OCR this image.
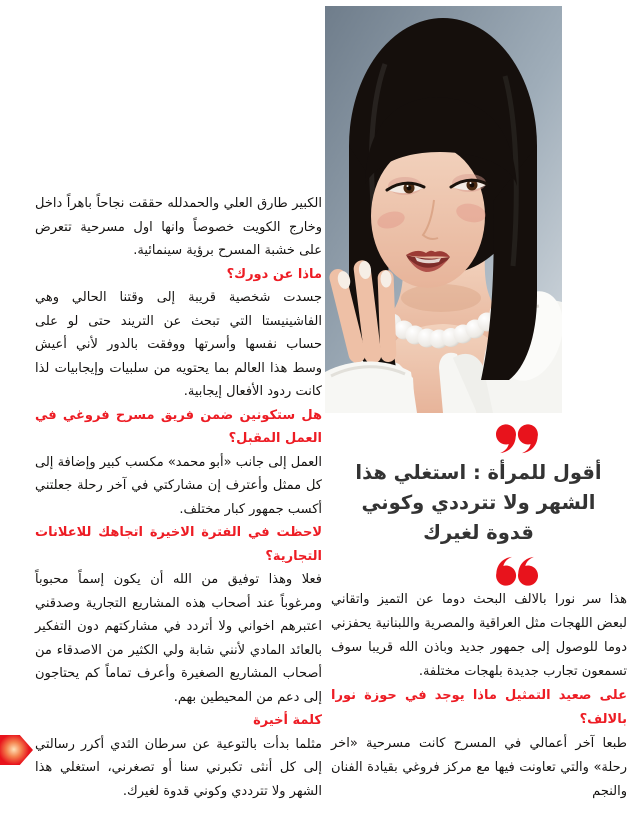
الكبير طارق العلي والحمدلله حققت نجاحاً باهراً داخل وخارج الكويت خصوصاً وانها اول مسرحية تتعرض على خشبة المسرح برؤية سينمائية.

ماذا عن دورك؟

جسدت شخصية قريبة إلى وقتنا الحالي وهي الفاشينيستا التي تبحث عن التريند حتى لو على حساب نفسها وأسرتها ووفقت بالدور لأني أعيش وسط هذا العالم بما يحتويه من سلبيات وإيجابيات لذا كانت ردود الأفعال إيجابية.

هل ستكونين ضمن فريق مسرح فروغي في العمل المقبل؟

العمل إلى جانب «أبو محمد» مكسب كبير وإضافة إلى كل ممثل وأعترف إن مشاركتي في آخر رحلة جعلتني أكسب جمهور كبار مختلف.

لاحظت في الفترة الاخيرة اتجاهك للاعلانات التجارية؟

فعلا وهذا توفيق من الله أن يكون إسماً محبوباً ومرغوباً عند أصحاب هذه المشاريع التجارية وصدقني اعتبرهم اخواني ولا أتردد في مشاركتهم دون التفكير بالعائد المادي لأنني شابة ولي الكثير من الاصدقاء من أصحاب المشاريع الصغيرة وأعرف تماماً كم يحتاجون إلى دعم من المحيطين بهم.

كلمة أخيرة

مثلما بدأت بالتوعية عن سرطان الثدي أكرر رسالتي إلى كل أنثى تكبرني سنا أو تصغرني، استغلي هذا الشهر ولا تترددي وكوني قدوة لغيرك.

أقول للمرأة : استغلي هذا
الشهر ولا تترددي وكوني
قدوة لغيرك

هذا سر نورا بالالف البحث دوما عن التميز واتقاني لبعض اللهجات مثل العراقية والمصرية واللبنانية يحفزني دوما للوصول إلى جمهور جديد وباذن الله قريبا سوف تسمعون تجارب جديدة بلهجات مختلفة.

على صعيد التمثيل ماذا يوجد في حوزة نورا بالالف؟

طبعا آخر أعمالي في المسرح كانت مسرحية «اخر رحلة» والتي تعاونت فيها مع مركز فروغي بقيادة الفنان والنجم
